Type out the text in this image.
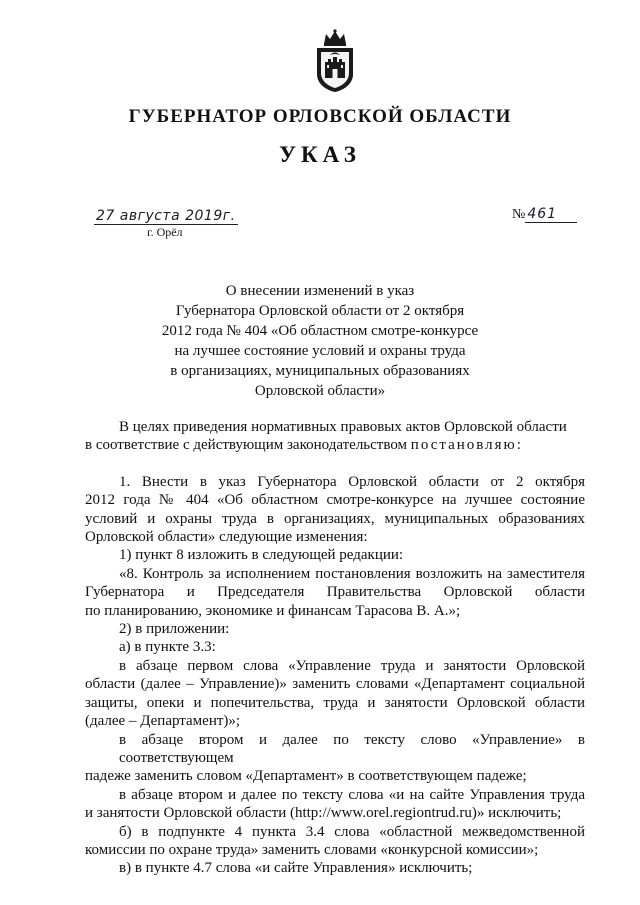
ГУБЕРНАТОР ОРЛОВСКОЙ ОБЛАСТИ
УКАЗ
27 августа 2019г.
г. Орёл
№ 461
О внесении изменений в указ
Губернатора Орловской области от 2 октября
2012 года № 404 «Об областном смотре-конкурсе
на лучшее состояние условий и охраны труда
в организациях, муниципальных образованиях
Орловской области»
В целях приведения нормативных правовых актов Орловской области
в соответствие с действующим законодательством постановляю:
1. Внести в указ Губернатора Орловской области от 2 октября
2012 года № 404 «Об областном смотре-конкурсе на лучшее состояние
условий и охраны труда в организациях, муниципальных образованиях
Орловской области» следующие изменения:
1) пункт 8 изложить в следующей редакции:
«8. Контроль за исполнением постановления возложить на заместителя
Губернатора и Председателя Правительства Орловской области
по планированию, экономике и финансам Тарасова В. А.»;
2) в приложении:
а) в пункте 3.3:
в абзаце первом слова «Управление труда и занятости Орловской
области (далее – Управление)» заменить словами «Департамент социальной
защиты, опеки и попечительства, труда и занятости Орловской области
(далее – Департамент)»;
в абзаце втором и далее по тексту слово «Управление» в соответствующем
падеже заменить словом «Департамент» в соответствующем падеже;
в абзаце втором и далее по тексту слова «и на сайте Управления труда
и занятости Орловской области (http://www.orel.regiontrud.ru)» исключить;
б) в подпункте 4 пункта 3.4 слова «областной межведомственной
комиссии по охране труда» заменить словами «конкурсной комиссии»;
в) в пункте 4.7 слова «и сайте Управления» исключить;
